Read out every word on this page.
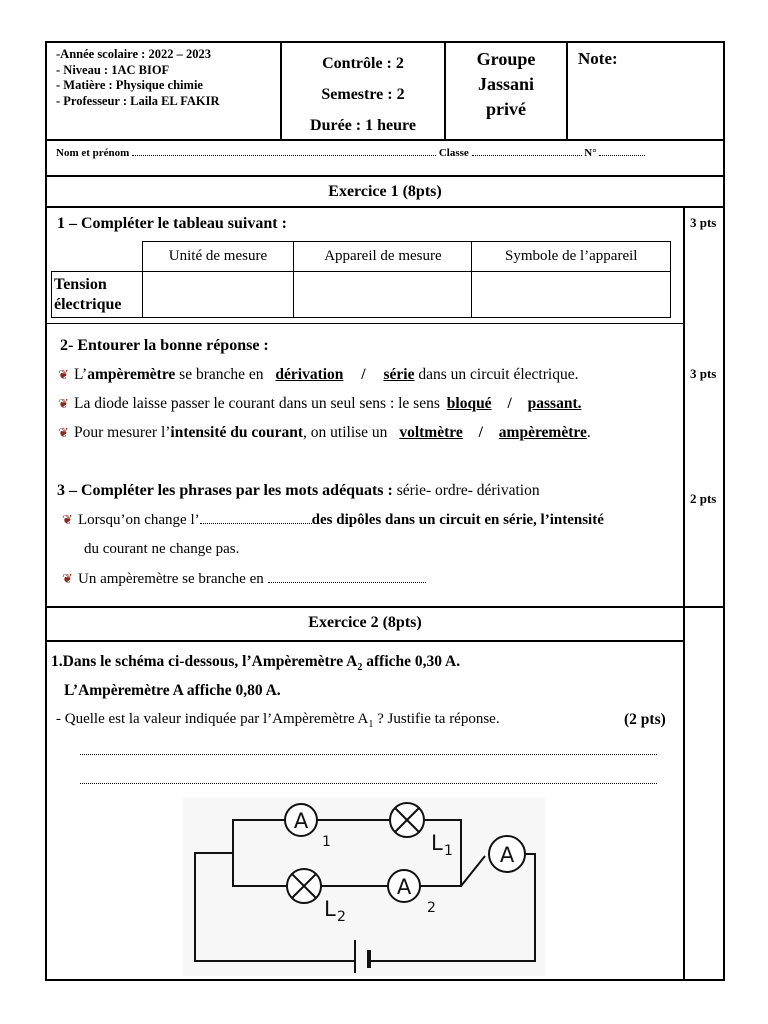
-Année scolaire : 2022 – 2023
- Niveau : 1AC BIOF
- Matière : Physique chimie
- Professeur : Laila EL FAKIR
Contrôle : 2
Semestre : 2
Durée : 1 heure
Groupe
Jassani
privé
Note:
Nom et prénom	Classe	N°
Exercice 1 (8pts)
1 – Compléter le tableau suivant :	3 pts
	Unité de mesure	Appareil de mesure	Symbole de l’appareil
Tension
électrique			
2- Entourer la bonne réponse :
3 pts
❦ L’ampèremètre se branche en dérivation / série dans un circuit électrique.
❦ La diode laisse passer le courant dans un seul sens : le sens bloqué / passant.
❦ Pour mesurer l’intensité du courant, on utilise un voltmètre / ampèremètre.
3 – Compléter les phrases par les mots adéquats : série- ordre- dérivation	2 pts
❦ Lorsqu’on change l’	des dipôles dans un circuit en série, l’intensité
du courant ne change pas.
❦ Un ampèremètre se branche en
Exercice 2 (8pts)
1.Dans le schéma ci-dessous, l’Ampèremètre $A_2$ affiche 0,30 A.
L’Ampèremètre A affiche 0,80 A.
- Quelle est la valeur indiquée par l’Ampèremètre $A_1$ ? Justifie ta réponse.	(2 pts)
A
1	L 1 A
L 2
A
2
